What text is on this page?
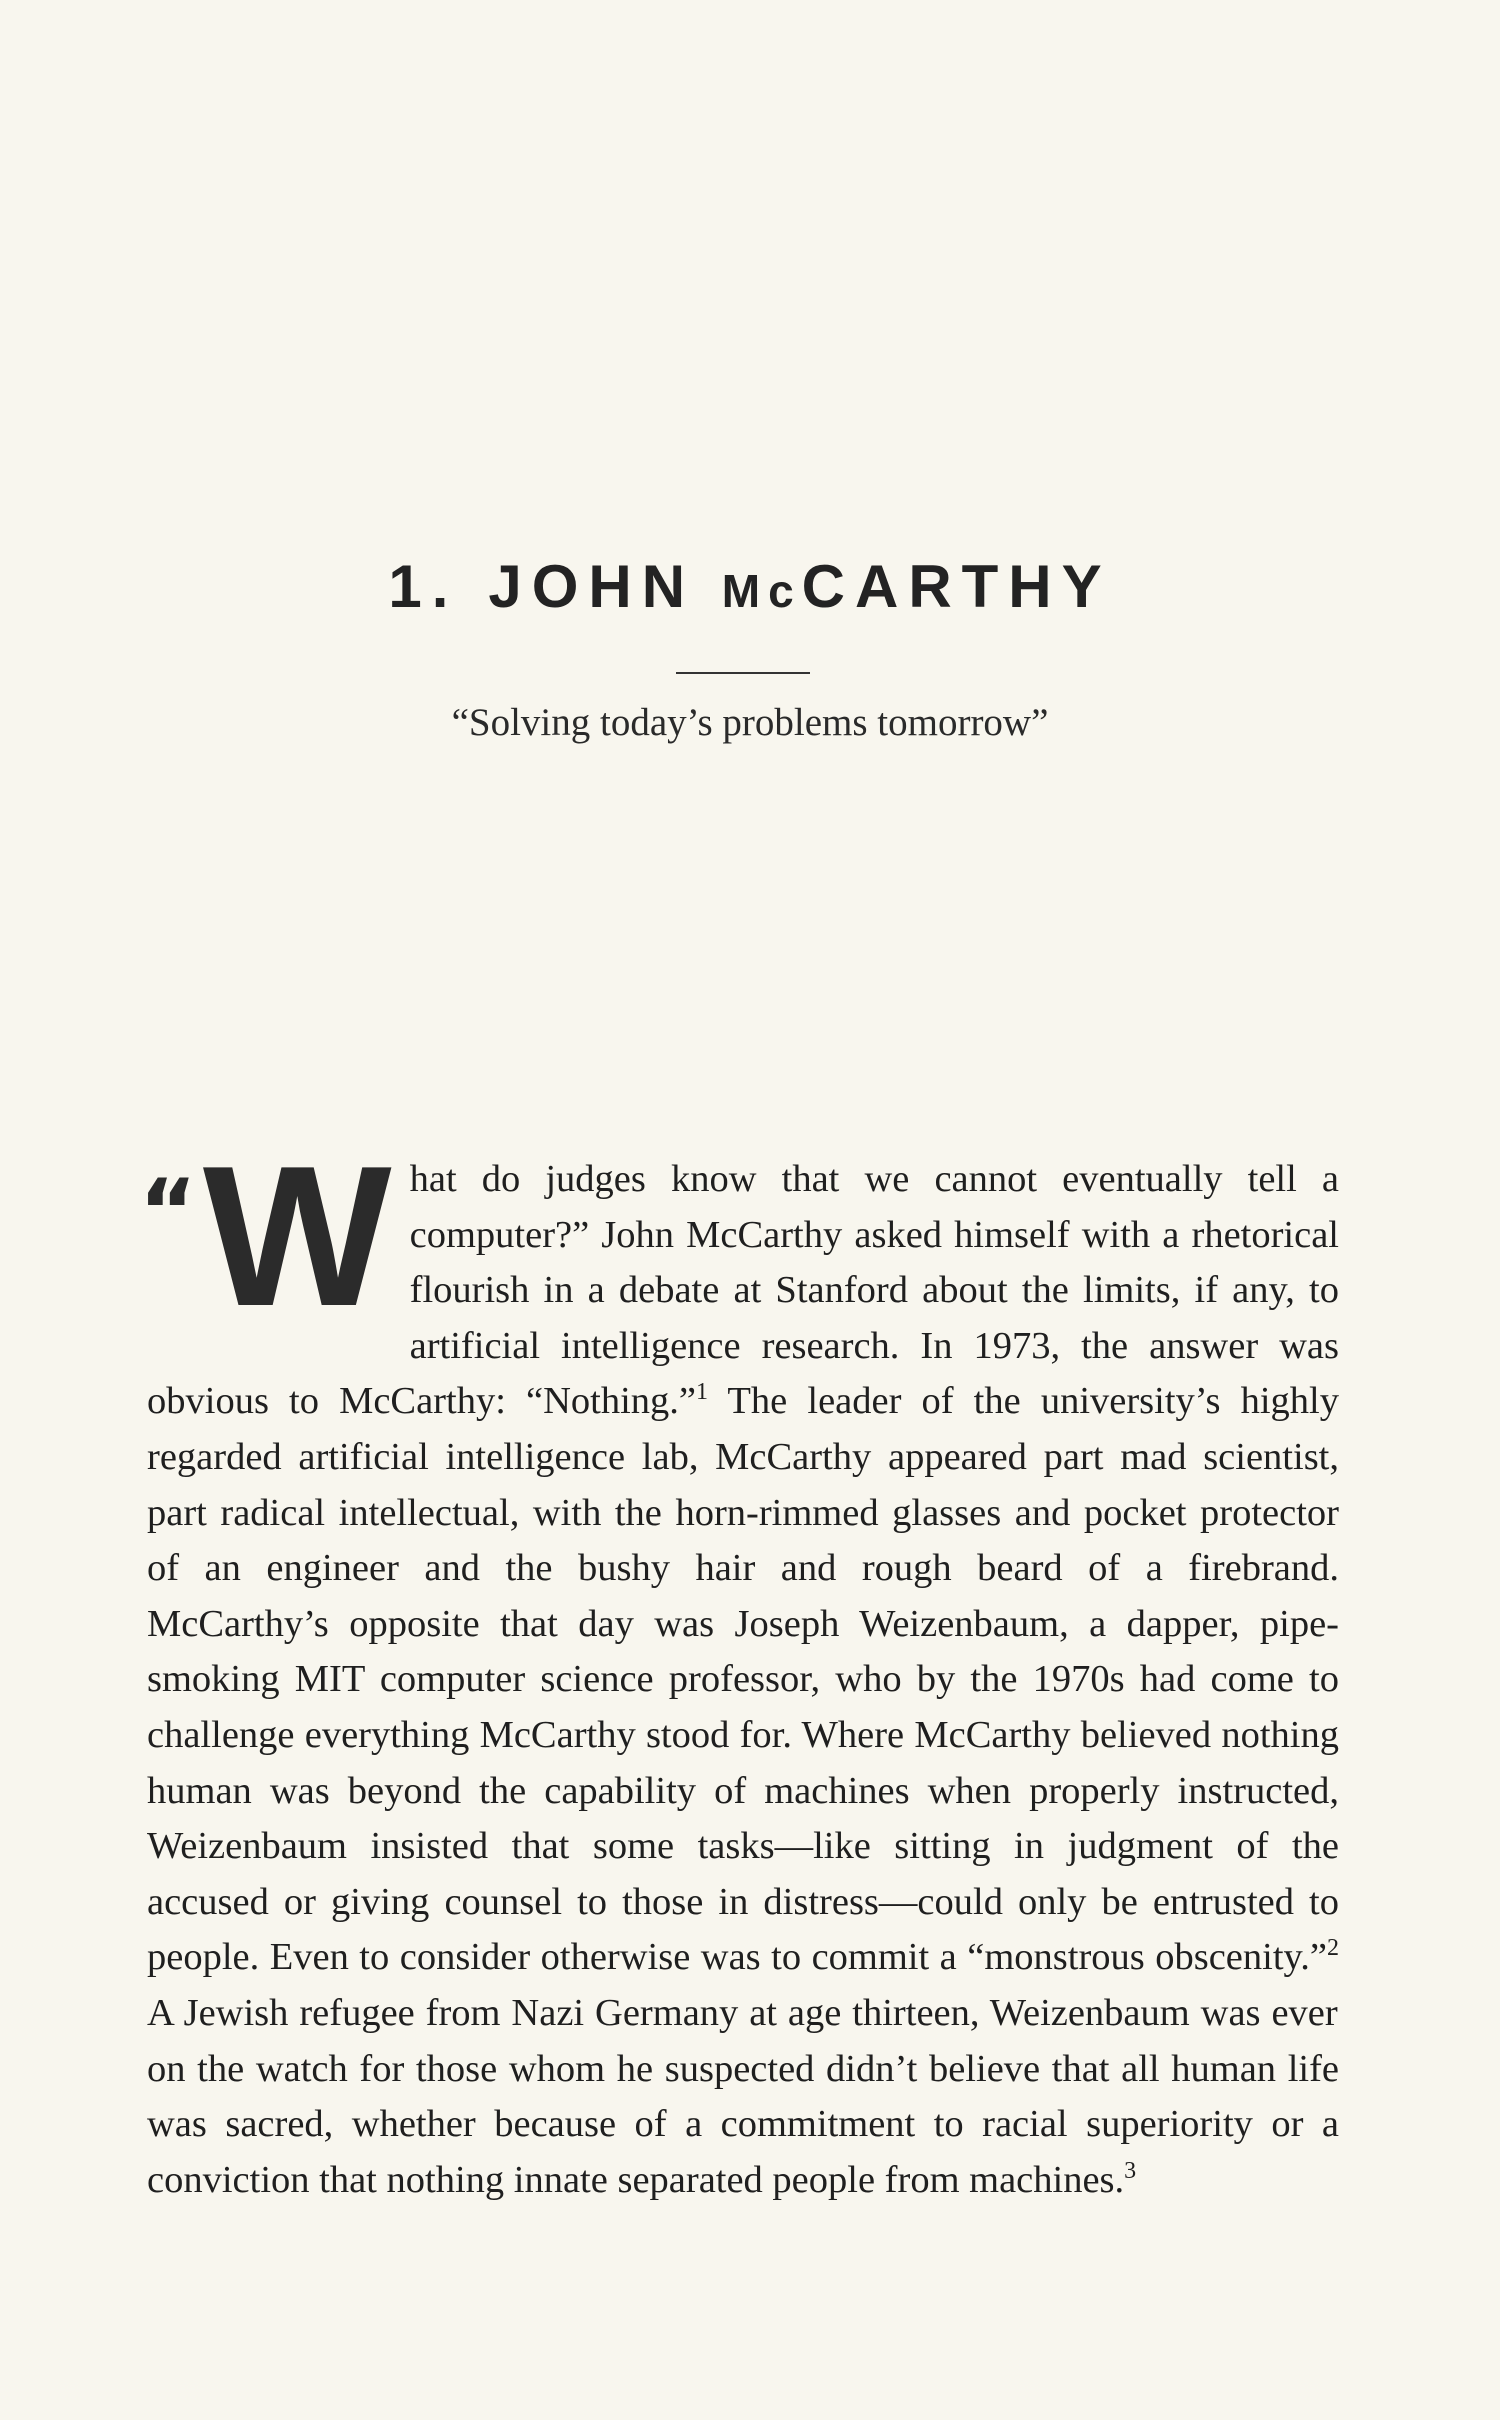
1. JOHN McCARTHY
“Solving today’s problems tomorrow”
“ W hat do judges know that we cannot eventually tell a computer?” John McCarthy asked himself with a rhetorical flourish in a debate at Stanford about the limits, if any, to artificial intelligence research. In 1973, the answer was obvious to McCarthy: “Nothing.”$^1$ The leader of the university’s highly regarded artificial intelligence lab, McCarthy appeared part mad scientist, part radical intellectual, with the horn-rimmed glasses and pocket protector of an engineer and the bushy hair and rough beard of a firebrand. McCarthy’s opposite that day was Joseph Weizenbaum, a dapper, pipe-smoking MIT computer science professor, who by the 1970s had come to challenge everything McCarthy stood for. Where McCarthy believed nothing human was beyond the capability of machines when properly instructed, Weizenbaum insisted that some tasks—like sitting in judgment of the accused or giving counsel to those in distress—could only be entrusted to people. Even to consider otherwise was to commit a “monstrous obscenity.”$^2$ A Jewish refugee from Nazi Germany at age thirteen, Weizenbaum was ever on the watch for those whom he suspected didn’t believe that all human life was sacred, whether because of a commitment to racial superiority or a conviction that nothing innate separated people from machines.$^3$
